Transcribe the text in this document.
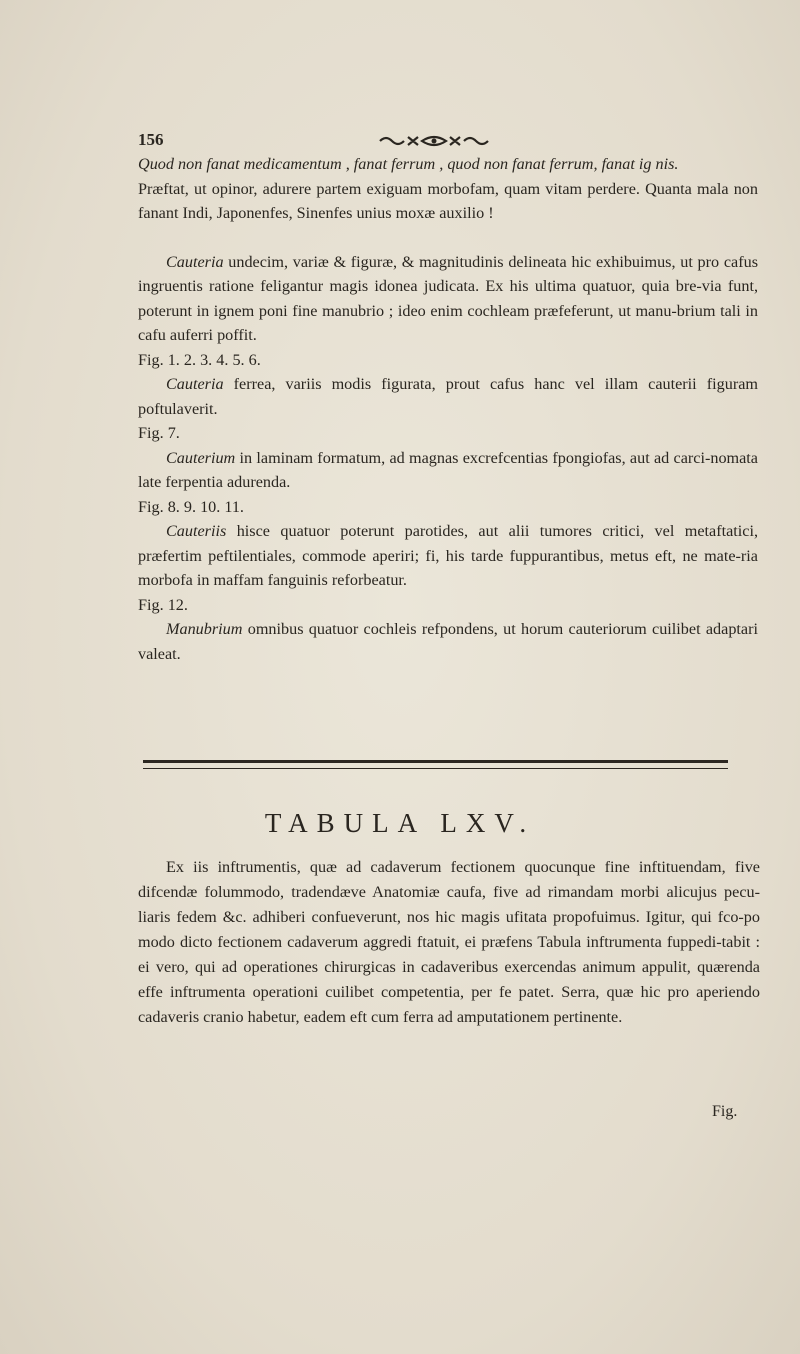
156

Quod non fanat medicamentum , fanat ferrum , quod non fanat ferrum, fanat ig nis.

Præftat, ut opinor, adurere partem exiguam morbofam, quam vitam perdere. Quanta mala non fanant Indi, Japonenfes, Sinenfes unius moxæ auxilio !

Cauteria undecim, variæ & figuræ, & magnitudinis delineata hic exhibuimus, ut pro cafus ingruentis ratione feligantur magis idonea judicata. Ex his ultima quatuor, quia bre-via funt, poterunt in ignem poni fine manubrio ; ideo enim cochleam præfeferunt, ut manu-brium tali in cafu auferri poffit.

Fig. 1. 2. 3. 4. 5. 6.

Cauteria ferrea, variis modis figurata, prout cafus hanc vel illam cauterii figuram poftulaverit.

Fig. 7.

Cauterium in laminam formatum, ad magnas excrefcentias fpongiofas, aut ad carci-nomata late ferpentia adurenda.

Fig. 8. 9. 10. 11.

Cauteriis hisce quatuor poterunt parotides, aut alii tumores critici, vel metaftatici, præfertim peftilentiales, commode aperiri; fi, his tarde fuppurantibus, metus eft, ne mate-ria morbofa in maffam fanguinis reforbeatur.

Fig. 12.

Manubrium omnibus quatuor cochleis refpondens, ut horum cauteriorum cuilibet adaptari valeat.

TABULA LXV.

Ex iis inftrumentis, quæ ad cadaverum fectionem quocunque fine inftituendam, five difcendæ folummodo, tradendæve Anatomiæ caufa, five ad rimandam morbi alicujus pecu-liaris fedem &c. adhiberi confueverunt, nos hic magis ufitata propofuimus. Igitur, qui fco-po modo dicto fectionem cadaverum aggredi ftatuit, ei præfens Tabula inftrumenta fuppedi-tabit : ei vero, qui ad operationes chirurgicas in cadaveribus exercendas animum appulit, quærenda effe inftrumenta operationi cuilibet competentia, per fe patet. Serra, quæ hic pro aperiendo cadaveris cranio habetur, eadem eft cum ferra ad amputationem pertinente.

Fig.
